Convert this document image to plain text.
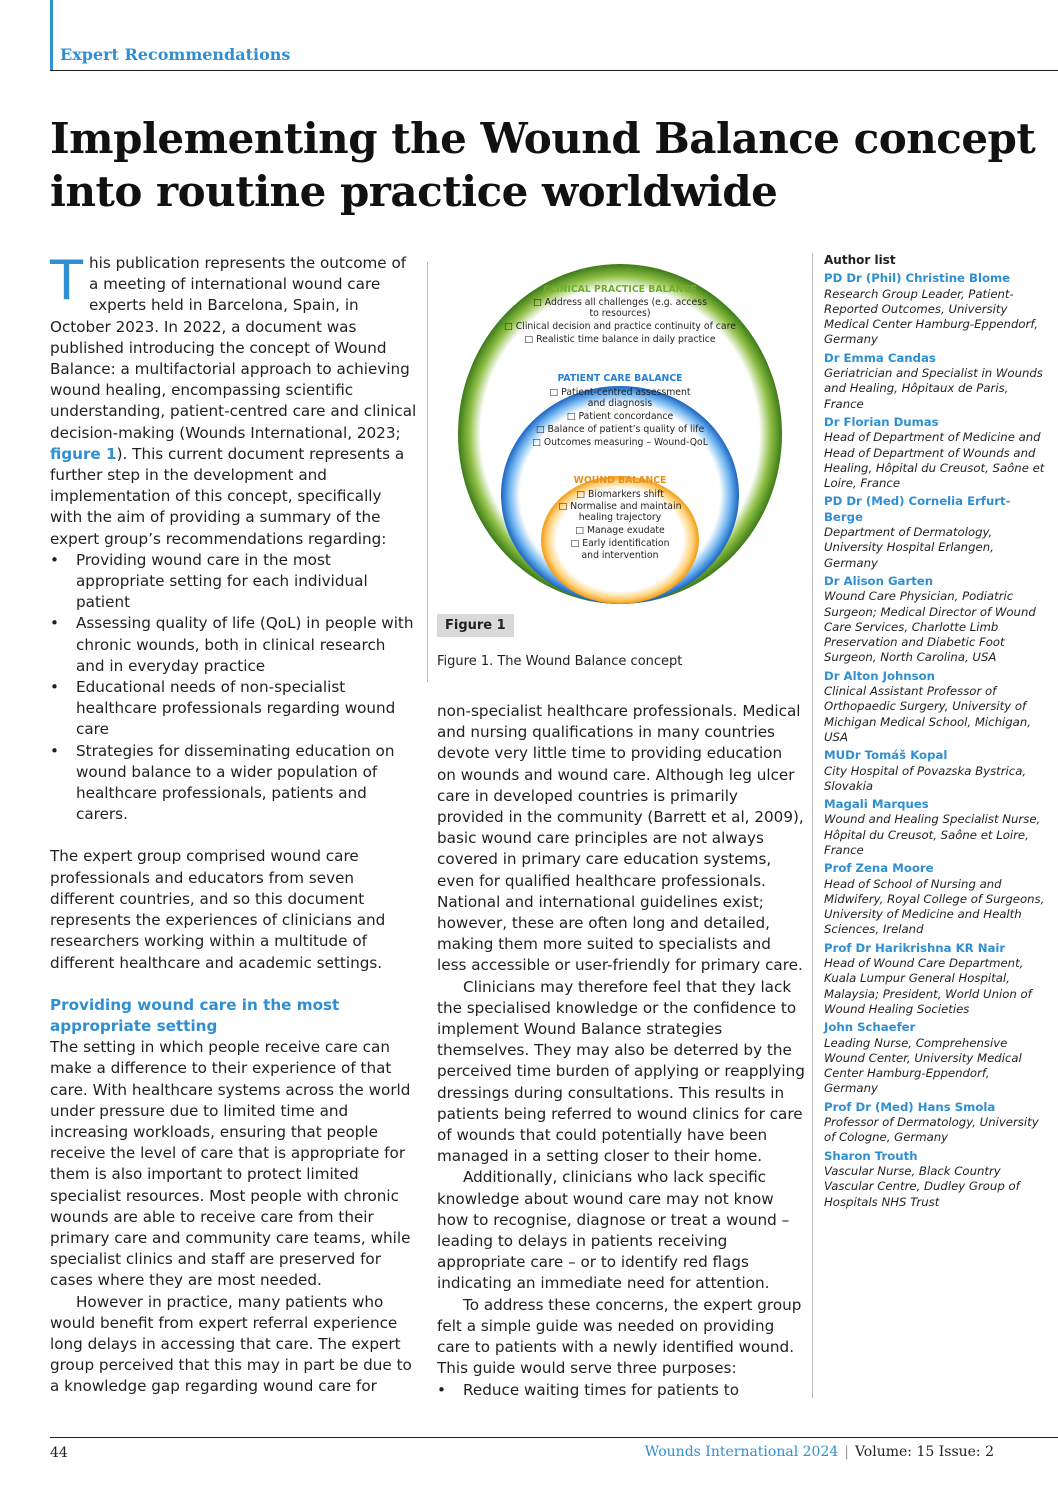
Expert Recommendations
Implementing the Wound Balance concept into routine practice worldwide

This publication represents the outcome of a meeting of international wound care experts held in Barcelona, Spain, in October 2023. In 2022, a document was published introducing the concept of Wound Balance: a multifactorial approach to achieving wound healing, encompassing scientific understanding, patient-centred care and clinical decision-making (Wounds International, 2023; figure 1). This current document represents a further step in the development and implementation of this concept, specifically with the aim of providing a summary of the expert group’s recommendations regarding:

• Providing wound care in the most appropriate setting for each individual patient
• Assessing quality of life (QoL) in people with chronic wounds, both in clinical research and in everyday practice
• Educational needs of non-specialist healthcare professionals regarding wound care
• Strategies for disseminating education on wound balance to a wider population of healthcare professionals, patients and carers.

The expert group comprised wound care professionals and educators from seven different countries, and so this document represents the experiences of clinicians and researchers working within a multitude of different healthcare and academic settings.

Providing wound care in the most appropriate setting

The setting in which people receive care can make a difference to their experience of that care. With healthcare systems across the world under pressure due to limited time and increasing workloads, ensuring that people receive the level of care that is appropriate for them is also important to protect limited specialist resources. Most people with chronic wounds are able to receive care from their primary care and community care teams, while specialist clinics and staff are preserved for cases where they are most needed.

However in practice, many patients who would benefit from expert referral experience long delays in accessing that care. The expert group perceived that this may in part be due to a knowledge gap regarding wound care for

CLINICAL PRACTICE BALANCE
□ Address all challenges (e.g. access
to resources)
□ Clinical decision and practice continuity of care
□ Realistic time balance in daily practice
PATIENT CARE BALANCE
□ Patient-centred assessment
and diagnosis
□ Patient concordance
□ Balance of patient’s quality of life
□ Outcomes measuring – Wound-QoL
WOUND BALANCE
□ Biomarkers shift
□ Normalise and maintain
healing trajectory
□ Manage exudate
□ Early identification
and intervention
Figure 1
Figure 1. The Wound Balance concept

non-specialist healthcare professionals. Medical and nursing qualifications in many countries devote very little time to providing education on wounds and wound care. Although leg ulcer care in developed countries is primarily provided in the community (Barrett et al, 2009), basic wound care principles are not always covered in primary care education systems, even for qualified healthcare professionals. National and international guidelines exist; however, these are often long and detailed, making them more suited to specialists and less accessible or user-friendly for primary care.

Clinicians may therefore feel that they lack the specialised knowledge or the confidence to implement Wound Balance strategies themselves. They may also be deterred by the perceived time burden of applying or reapplying dressings during consultations. This results in patients being referred to wound clinics for care of wounds that could potentially have been managed in a setting closer to their home.

Additionally, clinicians who lack specific knowledge about wound care may not know how to recognise, diagnose or treat a wound – leading to delays in patients receiving appropriate care – or to identify red flags indicating an immediate need for attention.

To address these concerns, the expert group felt a simple guide was needed on providing care to patients with a newly identified wound. This guide would serve three purposes:

• Reduce waiting times for patients to
Author list
PD Dr (Phil) Christine Blome
Research Group Leader, Patient-Reported Outcomes, University Medical Center Hamburg-Eppendorf, Germany
Dr Emma Candas
Geriatrician and Specialist in Wounds and Healing, Hôpitaux de Paris, France
Dr Florian Dumas
Head of Department of Medicine and Head of Department of Wounds and Healing, Hôpital du Creusot, Saône et Loire, France
PD Dr (Med) Cornelia Erfurt-Berge
Department of Dermatology, University Hospital Erlangen, Germany
Dr Alison Garten
Wound Care Physician, Podiatric Surgeon; Medical Director of Wound Care Services, Charlotte Limb Preservation and Diabetic Foot Surgeon, North Carolina, USA
Dr Alton Johnson
Clinical Assistant Professor of Orthopaedic Surgery, University of Michigan Medical School, Michigan, USA
MUDr Tomáš Kopal
City Hospital of Povazska Bystrica, Slovakia
Magali Marques
Wound and Healing Specialist Nurse, Hôpital du Creusot, Saône et Loire, France
Prof Zena Moore
Head of School of Nursing and Midwifery, Royal College of Surgeons, University of Medicine and Health Sciences, Ireland
Prof Dr Harikrishna KR Nair
Head of Wound Care Department, Kuala Lumpur General Hospital, Malaysia; President, World Union of Wound Healing Societies
John Schaefer
Leading Nurse, Comprehensive Wound Center, University Medical Center Hamburg-Eppendorf, Germany
Prof Dr (Med) Hans Smola Professor of Dermatology, University of Cologne, Germany
Sharon Trouth
Vascular Nurse, Black Country Vascular Centre, Dudley Group of Hospitals NHS Trust
44	Wounds International 2024 | Volume: 15 Issue: 2
